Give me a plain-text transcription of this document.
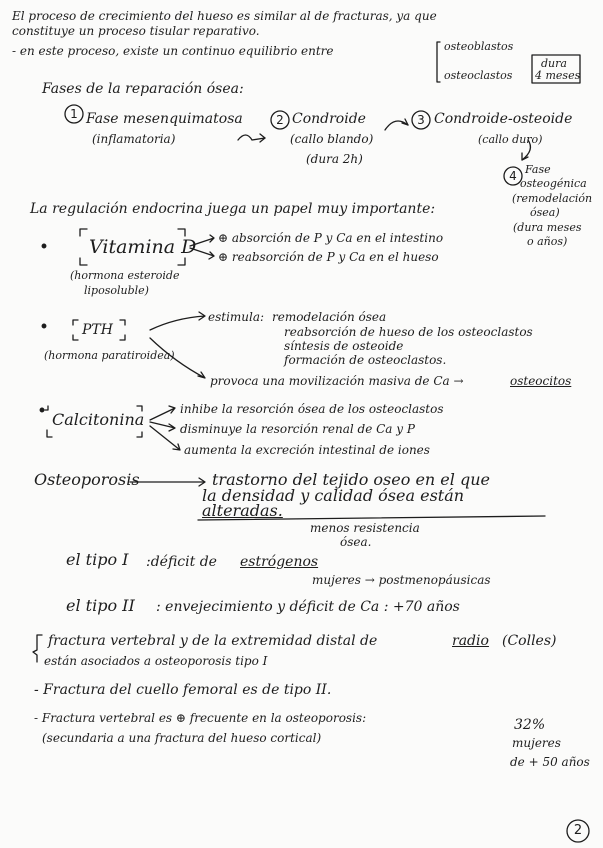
El proceso de crecimiento del hueso es similar al de fracturas, ya que
constituye un proceso tisular reparativo.
- en este proceso, existe un continuo equilibrio entre	osteoblastos
osteoclastos
dura
4 meses
Fases de la reparación ósea:
1 Fase mesenquimatosa
(inflamatoria)
2 Condroide
(callo blando)
(dura 2h)
3 Condroide-osteoide
(callo duro)
4 Fase
osteogénica
(remodelación
ósea)
(dura meses
o años)
La regulación endocrina juega un papel muy importante:
Vitamina D
(hormona esteroide
liposoluble)
⊕ absorción de P y Ca en el intestino
⊕ reabsorción de P y Ca en el hueso
PTH
(hormona paratiroidea)
estimula: remodelación ósea
reabsorción de hueso de los osteoclastos
síntesis de osteoide
formación de osteoclastos.
provoca una movilización masiva de Ca →	osteocitos
Calcitonina
inhibe la resorción ósea de los osteoclastos
disminuye la resorción renal de Ca y P
aumenta la excreción intestinal de iones
Osteoporosis	trastorno del tejido oseo en el que
la densidad y calidad ósea están
alteradas.
menos resistencia
ósea.
el tipo I :déficit de estrógenos
mujeres → postmenopáusicas
el tipo II : envejecimiento y déficit de Ca : +70 años
fractura vertebral y de la extremidad distal de	radio (Colles)
están asociados a osteoporosis tipo I
- Fractura del cuello femoral es de tipo II.
- Fractura vertebral es ⊕ frecuente en la osteoporosis:
(secundaria a una fractura del hueso cortical)
32%
mujeres
de + 50 años
2
